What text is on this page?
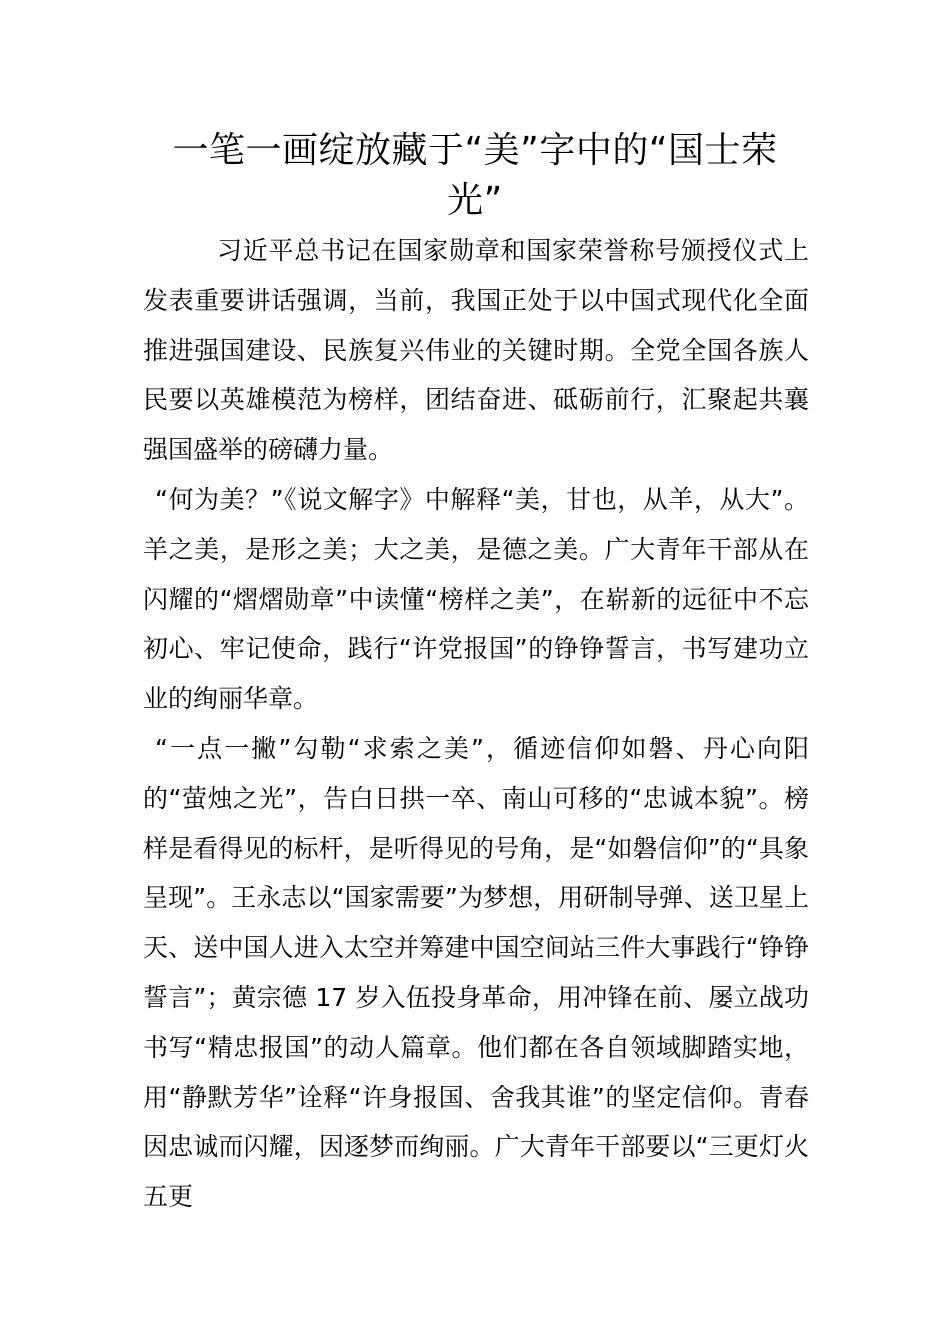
一笔一画绽放藏于“美”字中的“国士荣光”

习近平总书记在国家勋章和国家荣誉称号颁授仪式上发表重要讲话强调，当前，我国正处于以中国式现代化全面推进强国建设、民族复兴伟业的关键时期。全党全国各族人民要以英雄模范为榜样，团结奋进、砥砺前行，汇聚起共襄强国盛举的磅礴力量。

“何为美？”《说文解字》中解释“美，甘也，从羊，从大”。羊之美，是形之美；大之美，是德之美。广大青年干部从在闪耀的“熠熠勋章”中读懂“榜样之美”，在崭新的远征中不忘初心、牢记使命，践行“许党报国”的铮铮誓言，书写建功立业的绚丽华章。

“一点一撇”勾勒“求索之美”，循迹信仰如磐、丹心向阳的“萤烛之光”，告白日拱一卒、南山可移的“忠诚本貌”。榜样是看得见的标杆，是听得见的号角，是“如磐信仰”的“具象呈现”。王永志以“国家需要”为梦想，用研制导弹、送卫星上天、送中国人进入太空并筹建中国空间站三件大事践行“铮铮誓言”；黄宗德 17 岁入伍投身革命，用冲锋在前、屡立战功书写“精忠报国”的动人篇章。他们都在各自领域脚踏实地，用“静默芳华”诠释“许身报国、舍我其谁”的坚定信仰。青春因忠诚而闪耀，因逐梦而绚丽。广大青年干部要以“三更灯火五更
